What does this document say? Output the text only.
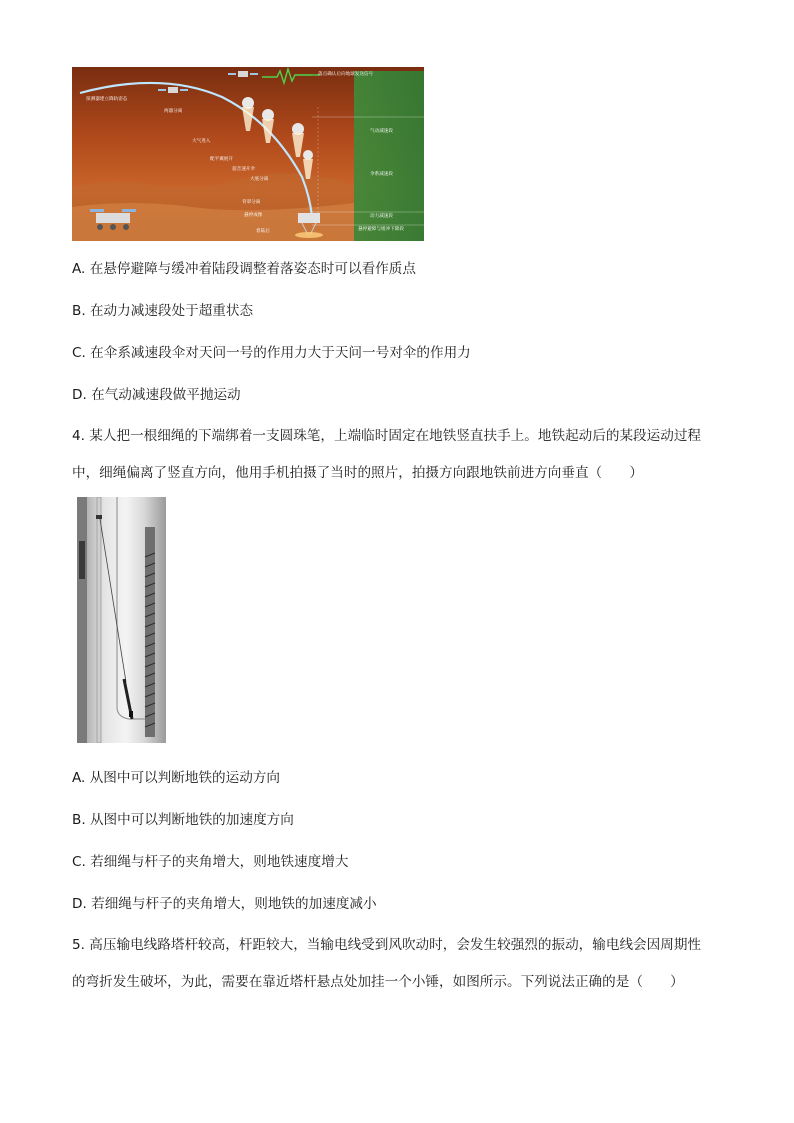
探测器建立降轨姿态
两器分离
大气进入
配平翼展开
超音速开伞
大底分离
背罩分离
悬停成像
着陆后
落点确认后向地球发送信号
气动减速段
伞系减速段
动力减速段
悬停避障与缓冲下降段
A. 在悬停避障与缓冲着陆段调整着落姿态时可以看作质点
B. 在动力减速段处于超重状态
C. 在伞系减速段伞对天问一号的作用力大于天问一号对伞的作用力
D. 在气动减速段做平抛运动
4. 某人把一根细绳的下端绑着一支圆珠笔，上端临时固定在地铁竖直扶手上。地铁起动后的某段运动过程
中，细绳偏离了竖直方向，他用手机拍摄了当时的照片，拍摄方向跟地铁前进方向垂直（　　）
A. 从图中可以判断地铁的运动方向
B. 从图中可以判断地铁的加速度方向
C. 若细绳与杆子的夹角增大，则地铁速度增大
D. 若细绳与杆子的夹角增大，则地铁的加速度减小
5. 高压输电线路塔杆较高，杆距较大，当输电线受到风吹动时，会发生较强烈的振动，输电线会因周期性
的弯折发生破坏，为此，需要在靠近塔杆悬点处加挂一个小锤，如图所示。下列说法正确的是（　　）
